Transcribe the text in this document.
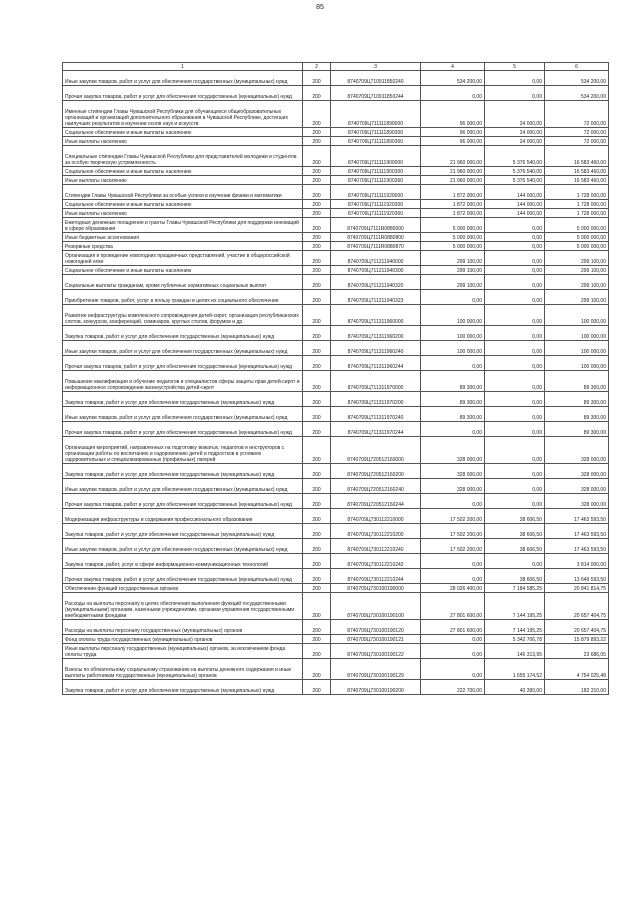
85
1	2	3	4	5	6
Иные закупки товаров, работ и услуг для обеспечения государственных (муниципальных) нужд	200	8740709Ц710911850240	534 200,00	0,00	534 200,00
Прочая закупка товаров, работ и услуг для обеспечения государственных (муниципальных) нужд	200	8740709Ц710911850244	0,00	0,00	534 200,00
Именные стипендии Главы Чувашской Республики для обучающихся общеобразовательных организаций и организаций дополнительного образования в Чувашской Республике, достигших наилучших результатов в изучении основ наук и искусств	200	8740709Ц711111890000	96 000,00	24 000,00	72 000,00
Социальное обеспечение и иные выплаты населению	200	8740709Ц711111890300	96 000,00	24 000,00	72 000,00
Иные выплаты населению	200	8740709Ц711111890360	96 000,00	24 000,00	72 000,00
Специальные стипендии Главы Чувашской Республики для представителей молодежи и студентов за особую творческую устремленность	200	8740709Ц711111900000	21 960 000,00	5 376 540,00	16 583 460,00
Социальное обеспечение и иные выплаты населению	200	8740709Ц711111900300	21 960 000,00	5 376 540,00	16 583 460,00
Иные выплаты населению	200	8740709Ц711111900360	21 960 000,00	5 376 540,00	16 583 460,00
Стипендии Главы Чувашской Республики за особые успехи в изучении физики и математики	200	8740709Ц711111920000	1 872 000,00	144 000,00	1 728 000,00
Социальное обеспечение и иные выплаты населению	200	8740709Ц711111920300	1 872 000,00	144 000,00	1 728 000,00
Иные выплаты населению	200	8740709Ц711111920360	1 872 000,00	144 000,00	1 728 000,00
Ежегодные денежные поощрения и гранты Главы Чувашской Республики для поддержки инноваций в сфере образования	200	8740709Ц7111R0880000	5 000 000,00	0,00	5 000 000,00
Иные бюджетные ассигнования	200	8740709Ц7111R0880800	5 000 000,00	0,00	5 000 000,00
Резервные средства	200	8740709Ц7111R0880870	5 000 000,00	0,00	5 000 000,00
Организация и проведение новогодних праздничных представлений, участие в общероссийской новогодней елке	200	8740709Ц711211940000	299 100,00	0,00	299 100,00
Социальное обеспечение и иные выплаты населению	200	8740709Ц711211940300	299 100,00	0,00	299 100,00
Социальные выплаты гражданам, кроме публичных нормативных социальных выплат	200	8740709Ц711211940320	299 100,00	0,00	299 100,00
Приобретение товаров, работ, услуг в пользу граждан в целях их социального обеспечения	200	8740709Ц711211940323	0,00	0,00	299 100,00
Развитие инфраструктуры комплексного сопровождения детей-сирот, организация республиканских слетов, конкурсов, конференций, семинаров, круглых столов, форумов и др.	200	8740709Ц711311960000	100 000,00	0,00	100 000,00
Закупка товаров, работ и услуг для обеспечения государственных (муниципальных) нужд	200	8740709Ц711311960200	100 000,00	0,00	100 000,00
Иные закупки товаров, работ и услуг для обеспечения государственных (муниципальных) нужд	200	8740709Ц711311960240	100 000,00	0,00	100 000,00
Прочая закупка товаров, работ и услуг для обеспечения государственных (муниципальных) нужд	200	8740709Ц711311960244	0,00	0,00	100 000,00
Повышение квалификации и обучение педагогов и специалистов сферы защиты прав детей-сирот и информационное сопровождение жизнеустройства детей-сирот	200	8740709Ц711311970000	89 300,00	0,00	89 300,00
Закупка товаров, работ и услуг для обеспечения государственных (муниципальных) нужд	200	8740709Ц711311970200	89 300,00	0,00	89 300,00
Иные закупки товаров, работ и услуг для обеспечения государственных (муниципальных) нужд	200	8740709Ц711311970240	89 300,00	0,00	89 300,00
Прочая закупка товаров, работ и услуг для обеспечения государственных (муниципальных) нужд	200	8740709Ц711311970244	0,00	0,00	89 300,00
Организация мероприятий, направленных на подготовку вожатых, педагогов и инструкторов с организации работы по воспитанию и оздоровлению детей и подростков в условиях оздоровительных и специализированных (профильных) лагерей	200	8740709Ц720512160000	328 000,00	0,00	328 000,00
Закупка товаров, работ и услуг для обеспечения государственных (муниципальных) нужд	200	8740709Ц720512160200	328 000,00	0,00	328 000,00
Иные закупки товаров, работ и услуг для обеспечения государственных (муниципальных) нужд	200	8740709Ц720512160240	328 000,00	0,00	328 000,00
Прочая закупка товаров, работ и услуг для обеспечения государственных (муниципальных) нужд	200	8740709Ц720512160244	0,00	0,00	328 000,00
Модернизация инфраструктуры и содержания профессионального образования	200	8740709Ц730112210000	17 502 200,00	38 606,50	17 463 593,50
Закупка товаров, работ и услуг для обеспечения государственных (муниципальных) нужд	200	8740709Ц730112210200	17 502 200,00	38 606,50	17 463 593,50
Иные закупки товаров, работ и услуг для обеспечения государственных (муниципальных) нужд	200	8740709Ц730112210240	17 502 200,00	38 606,50	17 463 593,50
Закупка товаров, работ, услуг в сфере информационно-коммуникационных технологий	200	8740709Ц730112210242	0,00	0,00	3 814 000,00
Прочая закупка товаров, работ и услуг для обеспечения государственных (муниципальных) нужд	200	8740709Ц730112210244	0,00	38 606,50	13 649 593,50
Обеспечение функций государственных органов	200	8740709Ц730100190000	28 026 400,00	7 184 585,25	20 841 814,75
Расходы на выплаты персоналу в целях обеспечения выполнения функций государственными (муниципальными) органами, казенными учреждениями, органами управления государственными внебюджетными фондами	200	8740709Ц730100190100	27 801 600,00	7 144 195,25	20 657 404,75
Расходы на выплаты персоналу государственных (муниципальных) органов	200	8740709Ц730100190120	27 801 600,00	7 144 195,25	20 657 404,75
Фонд оплаты труда государственных (муниципальных) органов	200	8740709Ц730100190121	0,00	5 342 706,78	15 879 893,22
Иные выплаты персоналу государственных (муниципальных) органов, за исключением фонда оплаты труда	200	8740709Ц730100190122	0,00	146 313,95	23 686,05
Взносы по обязательному социальному страхованию на выплаты денежного содержания и иные выплаты работникам государственных (муниципальных) органов	200	8740709Ц730100190129	0,00	1 655 174,52	4 754 025,48
Закупка товаров, работ и услуг для обеспечения государственных (муниципальных) нужд	200	8740709Ц730100190200	222 700,00	40 390,00	182 310,00
